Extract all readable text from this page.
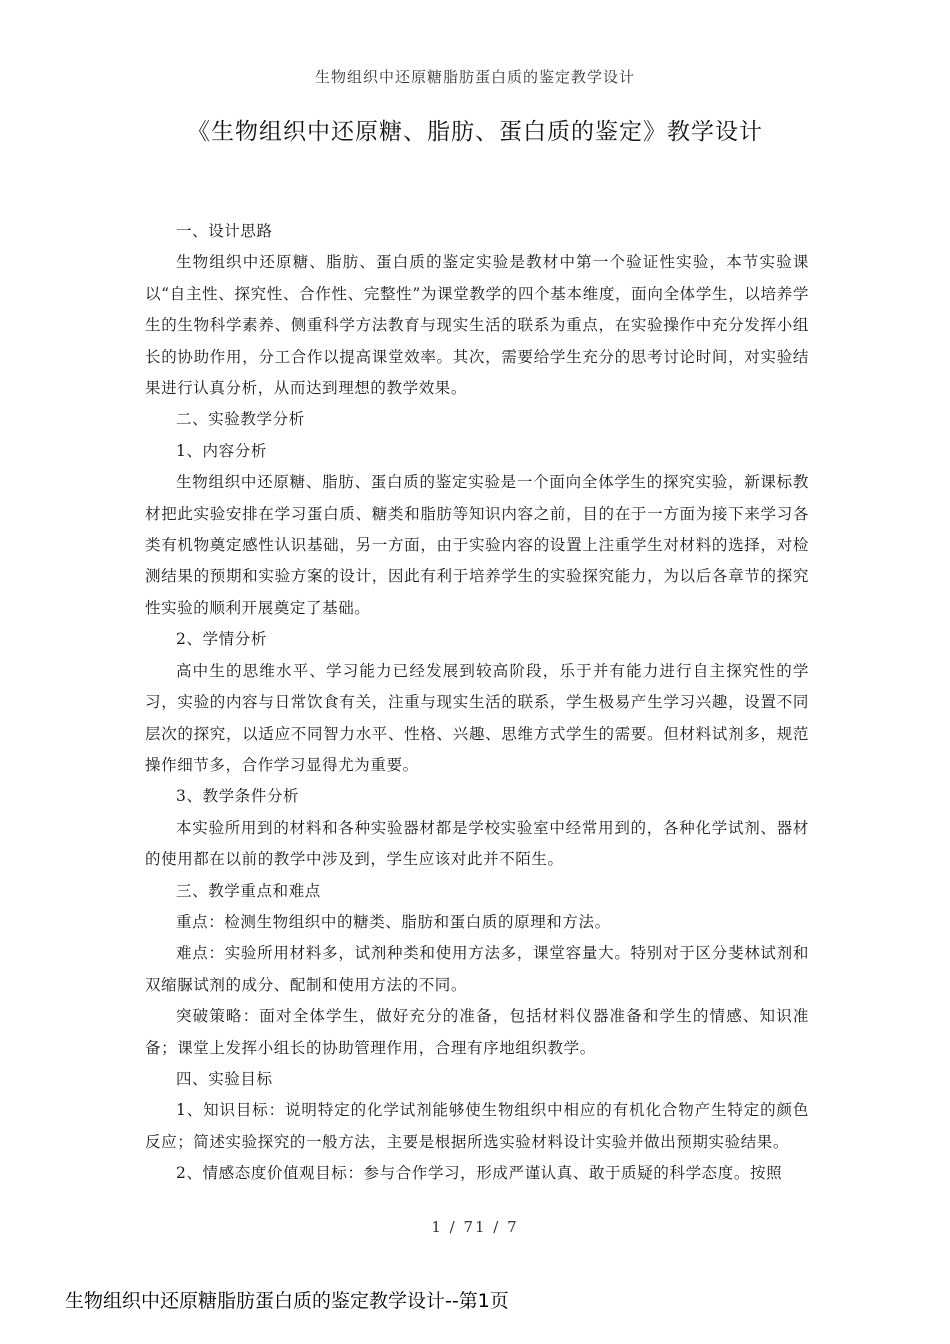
生物组织中还原糖脂肪蛋白质的鉴定教学设计
《生物组织中还原糖、脂肪、蛋白质的鉴定》教学设计

一、设计思路

生物组织中还原糖、脂肪、蛋白质的鉴定实验是教材中第一个验证性实验，本节实验课以“自主性、探究性、合作性、完整性”为课堂教学的四个基本维度，面向全体学生，以培养学生的生物科学素养、侧重科学方法教育与现实生活的联系为重点，在实验操作中充分发挥小组长的协助作用，分工合作以提高课堂效率。其次，需要给学生充分的思考讨论时间，对实验结果进行认真分析，从而达到理想的教学效果。

二、实验教学分析

1、内容分析

生物组织中还原糖、脂肪、蛋白质的鉴定实验是一个面向全体学生的探究实验，新课标教材把此实验安排在学习蛋白质、糖类和脂肪等知识内容之前，目的在于一方面为接下来学习各类有机物奠定感性认识基础，另一方面，由于实验内容的设置上注重学生对材料的选择，对检测结果的预期和实验方案的设计，因此有利于培养学生的实验探究能力，为以后各章节的探究性实验的顺利开展奠定了基础。

2、学情分析

高中生的思维水平、学习能力已经发展到较高阶段，乐于并有能力进行自主探究性的学习，实验的内容与日常饮食有关，注重与现实生活的联系，学生极易产生学习兴趣，设置不同层次的探究，以适应不同智力水平、性格、兴趣、思维方式学生的需要。但材料试剂多，规范操作细节多，合作学习显得尤为重要。

3、教学条件分析

本实验所用到的材料和各种实验器材都是学校实验室中经常用到的，各种化学试剂、器材的使用都在以前的教学中涉及到，学生应该对此并不陌生。

三、教学重点和难点

重点：检测生物组织中的糖类、脂肪和蛋白质的原理和方法。

难点：实验所用材料多，试剂种类和使用方法多，课堂容量大。特别对于区分斐林试剂和双缩脲试剂的成分、配制和使用方法的不同。

突破策略：面对全体学生，做好充分的准备，包括材料仪器准备和学生的情感、知识准备；课堂上发挥小组长的协助管理作用，合理有序地组织教学。

四、实验目标

1、知识目标：说明特定的化学试剂能够使生物组织中相应的有机化合物产生特定的颜色反应；简述实验探究的一般方法，主要是根据所选实验材料设计实验并做出预期实验结果。

2、情感态度价值观目标：参与合作学习，形成严谨认真、敢于质疑的科学态度。按照

1 / 71 / 7
生物组织中还原糖脂肪蛋白质的鉴定教学设计--第1页
